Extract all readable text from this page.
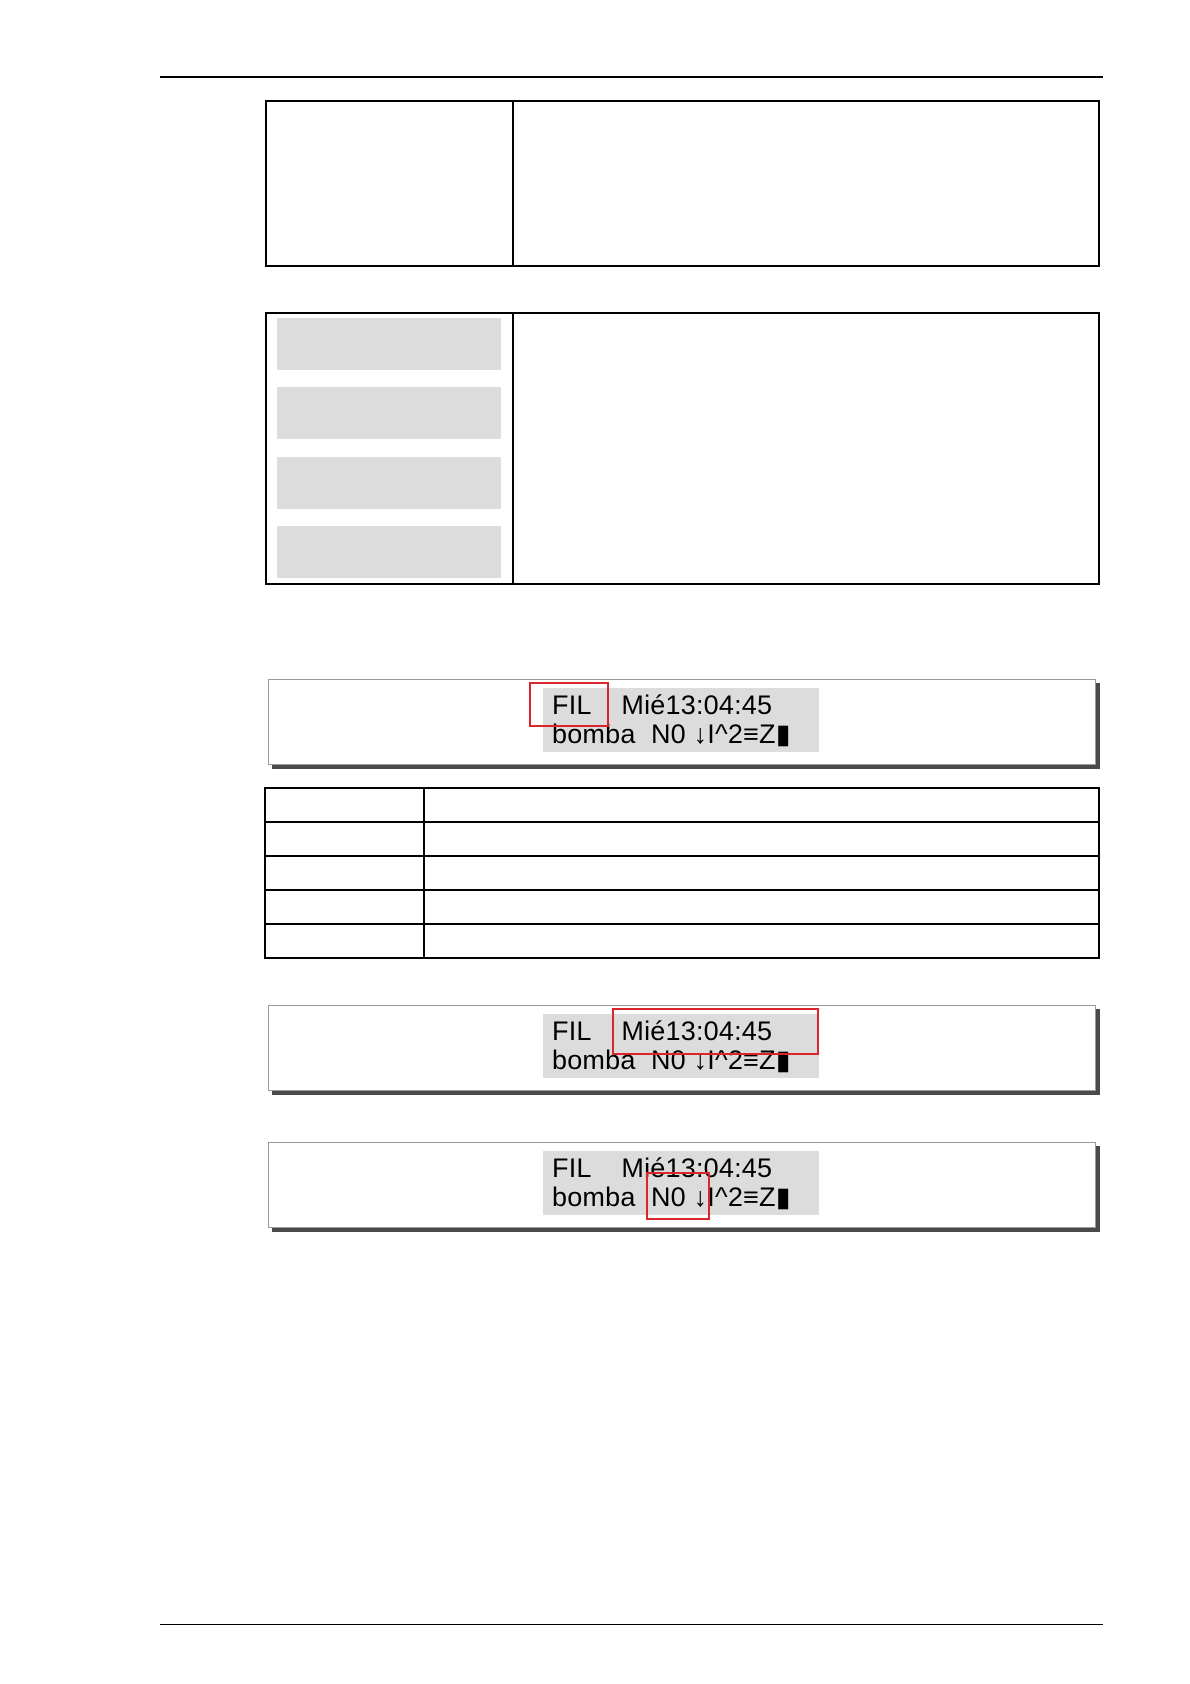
FIL    Mié13:04:45
bomba  N0 ↓I^2≡Z▮

FIL    Mié13:04:45
bomba  N0 ↓I^2≡Z▮
FIL    Mié13:04:45
bomba  N0 ↓I^2≡Z▮
